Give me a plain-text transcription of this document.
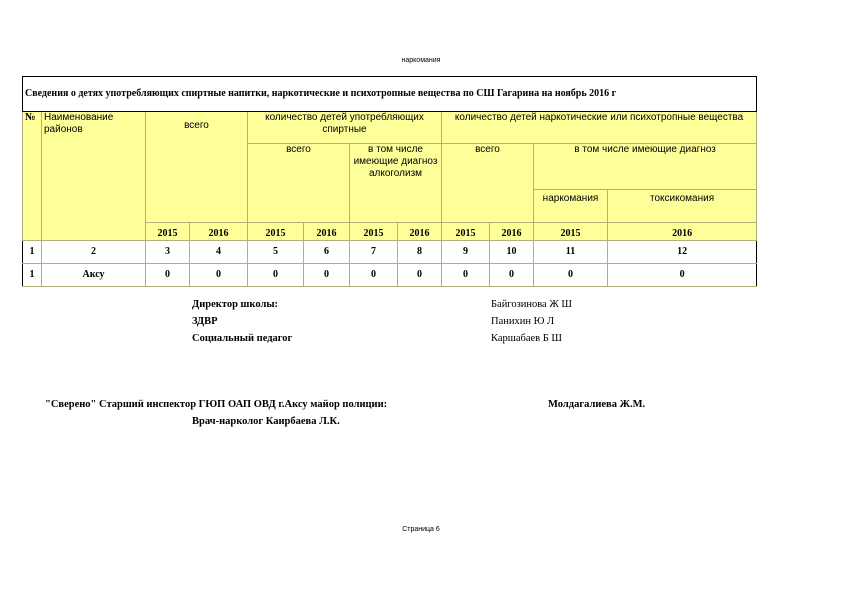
наркомания
Сведения о детях употребляющих спиртные напитки, наркотические и психотропные вещества по СШ Гагарина на ноябрь 2016 г											
№	Наименование районов	всего		количество детей употребляющих спиртные				количество детей наркотические или психотропные вещества			
				всего		в том числе имеющие диагноз алкоголизм		всего		в том числе имеющие диагноз	
										наркомания	токсикомания
		2015	2016	2015	2016	2015	2016	2015	2016	2015	2016
1	2	3	4	5	6	7	8	9	10	11	12
1	Аксу	0	0	0	0	0	0	0	0	0	0
Директор школы:	Байгозинова Ж Ш
ЗДВР	Панихин Ю Л
Социальный педагог	Каршабаев Б Ш
"Сверено" Старший инспектор ГЮП ОАП ОВД г.Аксу майор полиции:	Молдагалиева Ж.М.
Врач-нарколог Каирбаева Л.К.
Страница 6
